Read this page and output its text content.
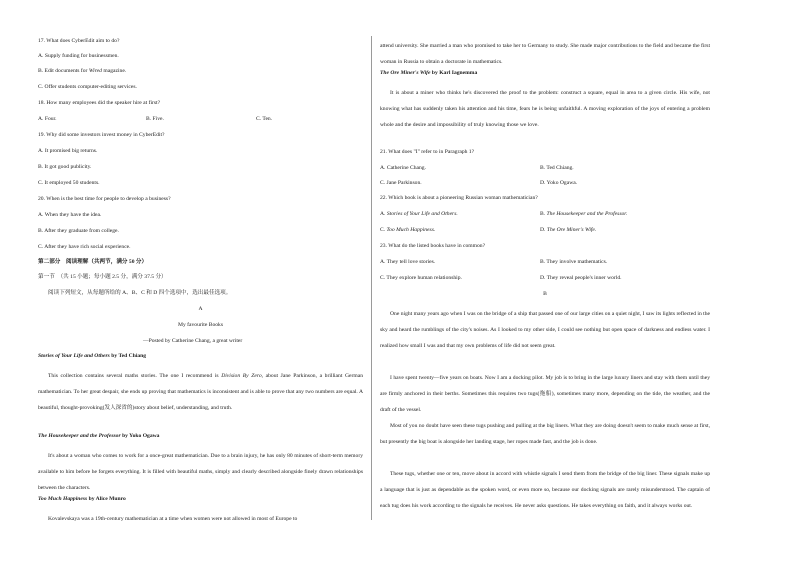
17. What does CyberEdit aim to do?
A. Supply funding for businessmen.
B. Edit documents for Wired magazine.
C. Offer students computer-editing services.
18. How many employees did the speaker hire at first?
A. Four.	B. Five.	C. Ten.
19. Why did some investors invest money in CyberEdit?
A. It promised big returns.
B. It got good publicity.
C. It employed 50 students.
20. When is the best time for people to develop a business?
A. When they have the idea.
B. After they graduate from college.
C. After they have rich social experience.
第二部分　阅读理解（共两节，满分 50 分）
第一节　（共 15 小题；每小题 2.5 分，满分 37.5 分）
阅读下列短文，从每题所给的 A、B、C 和 D 四个选项中，选出最佳选项。
A
My favourite Books
—Posted by Catherine Chang, a great writer
Stories of Your Life and Others by Ted Chiang
This collection contains several maths stories. The one I recommend is Division By Zero, about Jane Parkinson, a brilliant German mathematician. To her great despair, she ends up proving that mathematics is inconsistent and is able to prove that any two numbers are equal. A beautiful, thought-provoking(发人深省的)story about belief, understanding, and truth.
The Housekeeper and the Professor by Yoko Ogawa
It's about a woman who comes to work for a once-great mathematician. Due to a brain injury, he has only 80 minutes of short-term memory available to him before he forgets everything. It is filled with beautiful maths, simply and clearly described alongside finely drawn relationships between the characters.
Too Much Happiness by Alice Munro
Kovalevskaya was a 19th-century mathematician at a time when women were not allowed in most of Europe to
attend university. She married a man who promised to take her to Germany to study. She made major contributions to the field and became the first woman in Russia to obtain a doctorate in mathematics.
The Ore Miner's Wife by Karl Iagnemma
It is about a miner who thinks he's discovered the proof to the problem: construct a square, equal in area to a given circle. His wife, not knowing what has suddenly taken his attention and his time, fears he is being unfaithful. A moving exploration of the joys of entering a problem whole and the desire and impossibility of truly knowing those we love.
21. What does "I" refer to in Paragraph 1?
A. Catherine Chang.	B. Ted Chiang.
C. Jane Parkinson.	D. Yoko Ogawa.
22. Which book is about a pioneering Russian woman mathematician?
A. Stories of Your Life and Others.	B. The Housekeeper and the Professor.
C. Too Much Happiness.	D. The Ore Miner's Wife.
23. What do the listed books have in common?
A. They tell love stories.	B. They involve mathematics.
C. They explore human relationship.	D. They reveal people's inner world.
B
One night many years ago when I was on the bridge of a ship that passed one of our large cities on a quiet night, I saw its lights reflected in the sky and heard the rumblings of the city's noises. As I looked to my other side, I could see nothing but open space of darkness and endless water. I realized how small I was and that my own problems of life did not seem great.
I have spent twenty—five years on boats. Now I am a docking pilot. My job is to bring in the large luxury liners and stay with them until they are firmly anchored in their berths. Sometimes this requires two tugs(拖船), sometimes many more, depending on the tide, the weather, and the draft of the vessel.
Most of you no doubt have seen these tugs pushing and pulling at the big liners. What they are doing doesn't seem to make much sense at first, but presently the big boat is alongside her landing stage, her ropes made fast, and the job is done.
These tugs, whether one or ten, move about in accord with whistle signals I send them from the bridge of the big liner. These signals make up a language that is just as dependable as the spoken word, or even more so, because our docking signals are rarely misunderstood. The captain of each tug does his work according to the signals he receives. He never asks questions. He takes everything on faith, and it always works out.
